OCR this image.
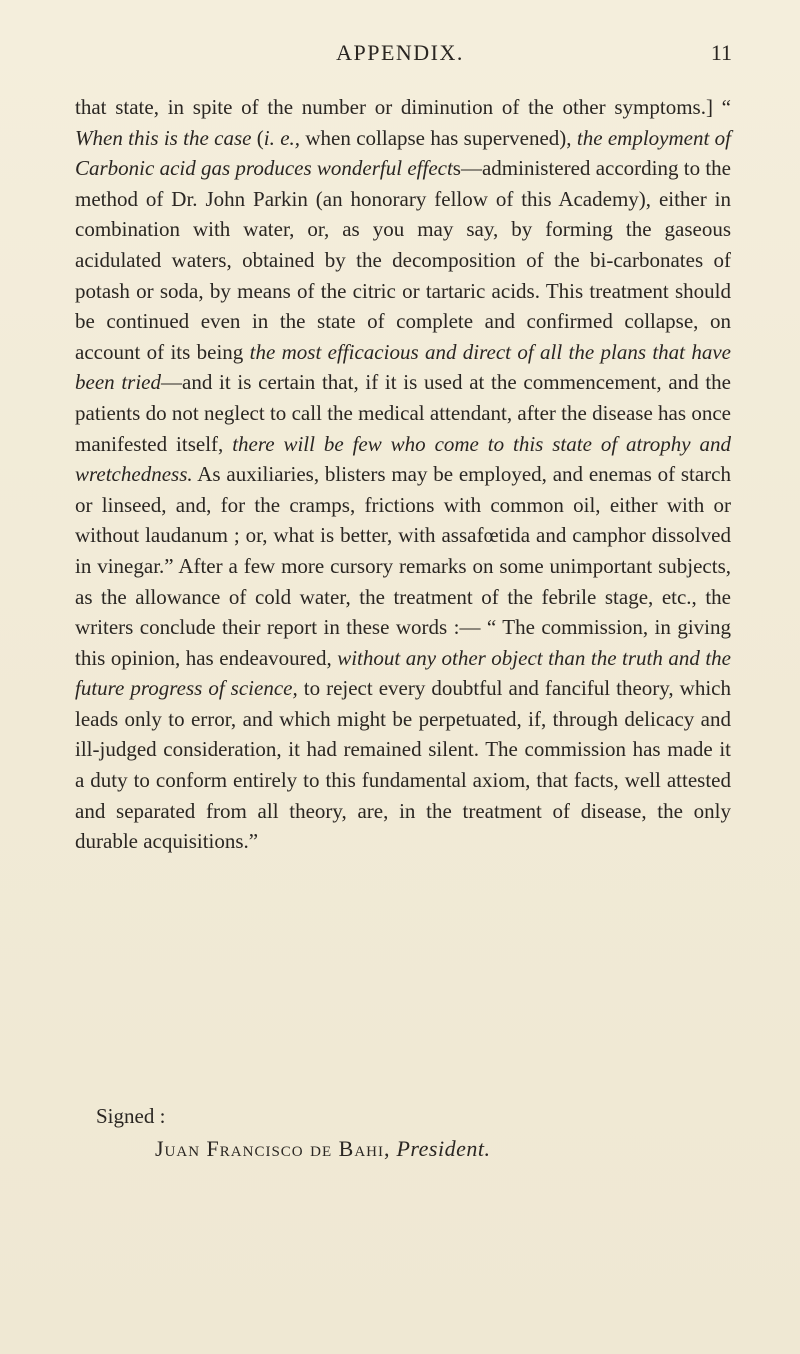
APPENDIX.	11

that state, in spite of the number or diminution of the other symptoms.] “ When this is the case (i. e., when collapse has supervened), the employment of Carbonic acid gas produces wonderful effects—administered according to the method of Dr. John Parkin (an honorary fellow of this Academy), either in combination with water, or, as you may say, by forming the gaseous acidulated waters, obtained by the decomposition of the bi-carbonates of potash or soda, by means of the citric or tartaric acids. This treatment should be continued even in the state of complete and confirmed collapse, on account of its being the most efficacious and direct of all the plans that have been tried—and it is certain that, if it is used at the commencement, and the patients do not neglect to call the medical attendant, after the disease has once manifested itself, there will be few who come to this state of atrophy and wretchedness. As auxiliaries, blisters may be employed, and enemas of starch or linseed, and, for the cramps, frictions with common oil, either with or without laudanum ; or, what is better, with assafœtida and camphor dissolved in vinegar.” After a few more cursory remarks on some unimportant subjects, as the allowance of cold water, the treatment of the febrile stage, etc., the writers conclude their report in these words :— “ The commission, in giving this opinion, has endeavoured, without any other object than the truth and the future progress of science, to reject every doubtful and fanciful theory, which leads only to error, and which might be perpetuated, if, through delicacy and ill-judged consideration, it had remained silent. The commission has made it a duty to conform entirely to this fundamental axiom, that facts, well attested and separated from all theory, are, in the treatment of disease, the only durable acquisitions.”

Signed :
Juan Francisco de Bahi, President.
